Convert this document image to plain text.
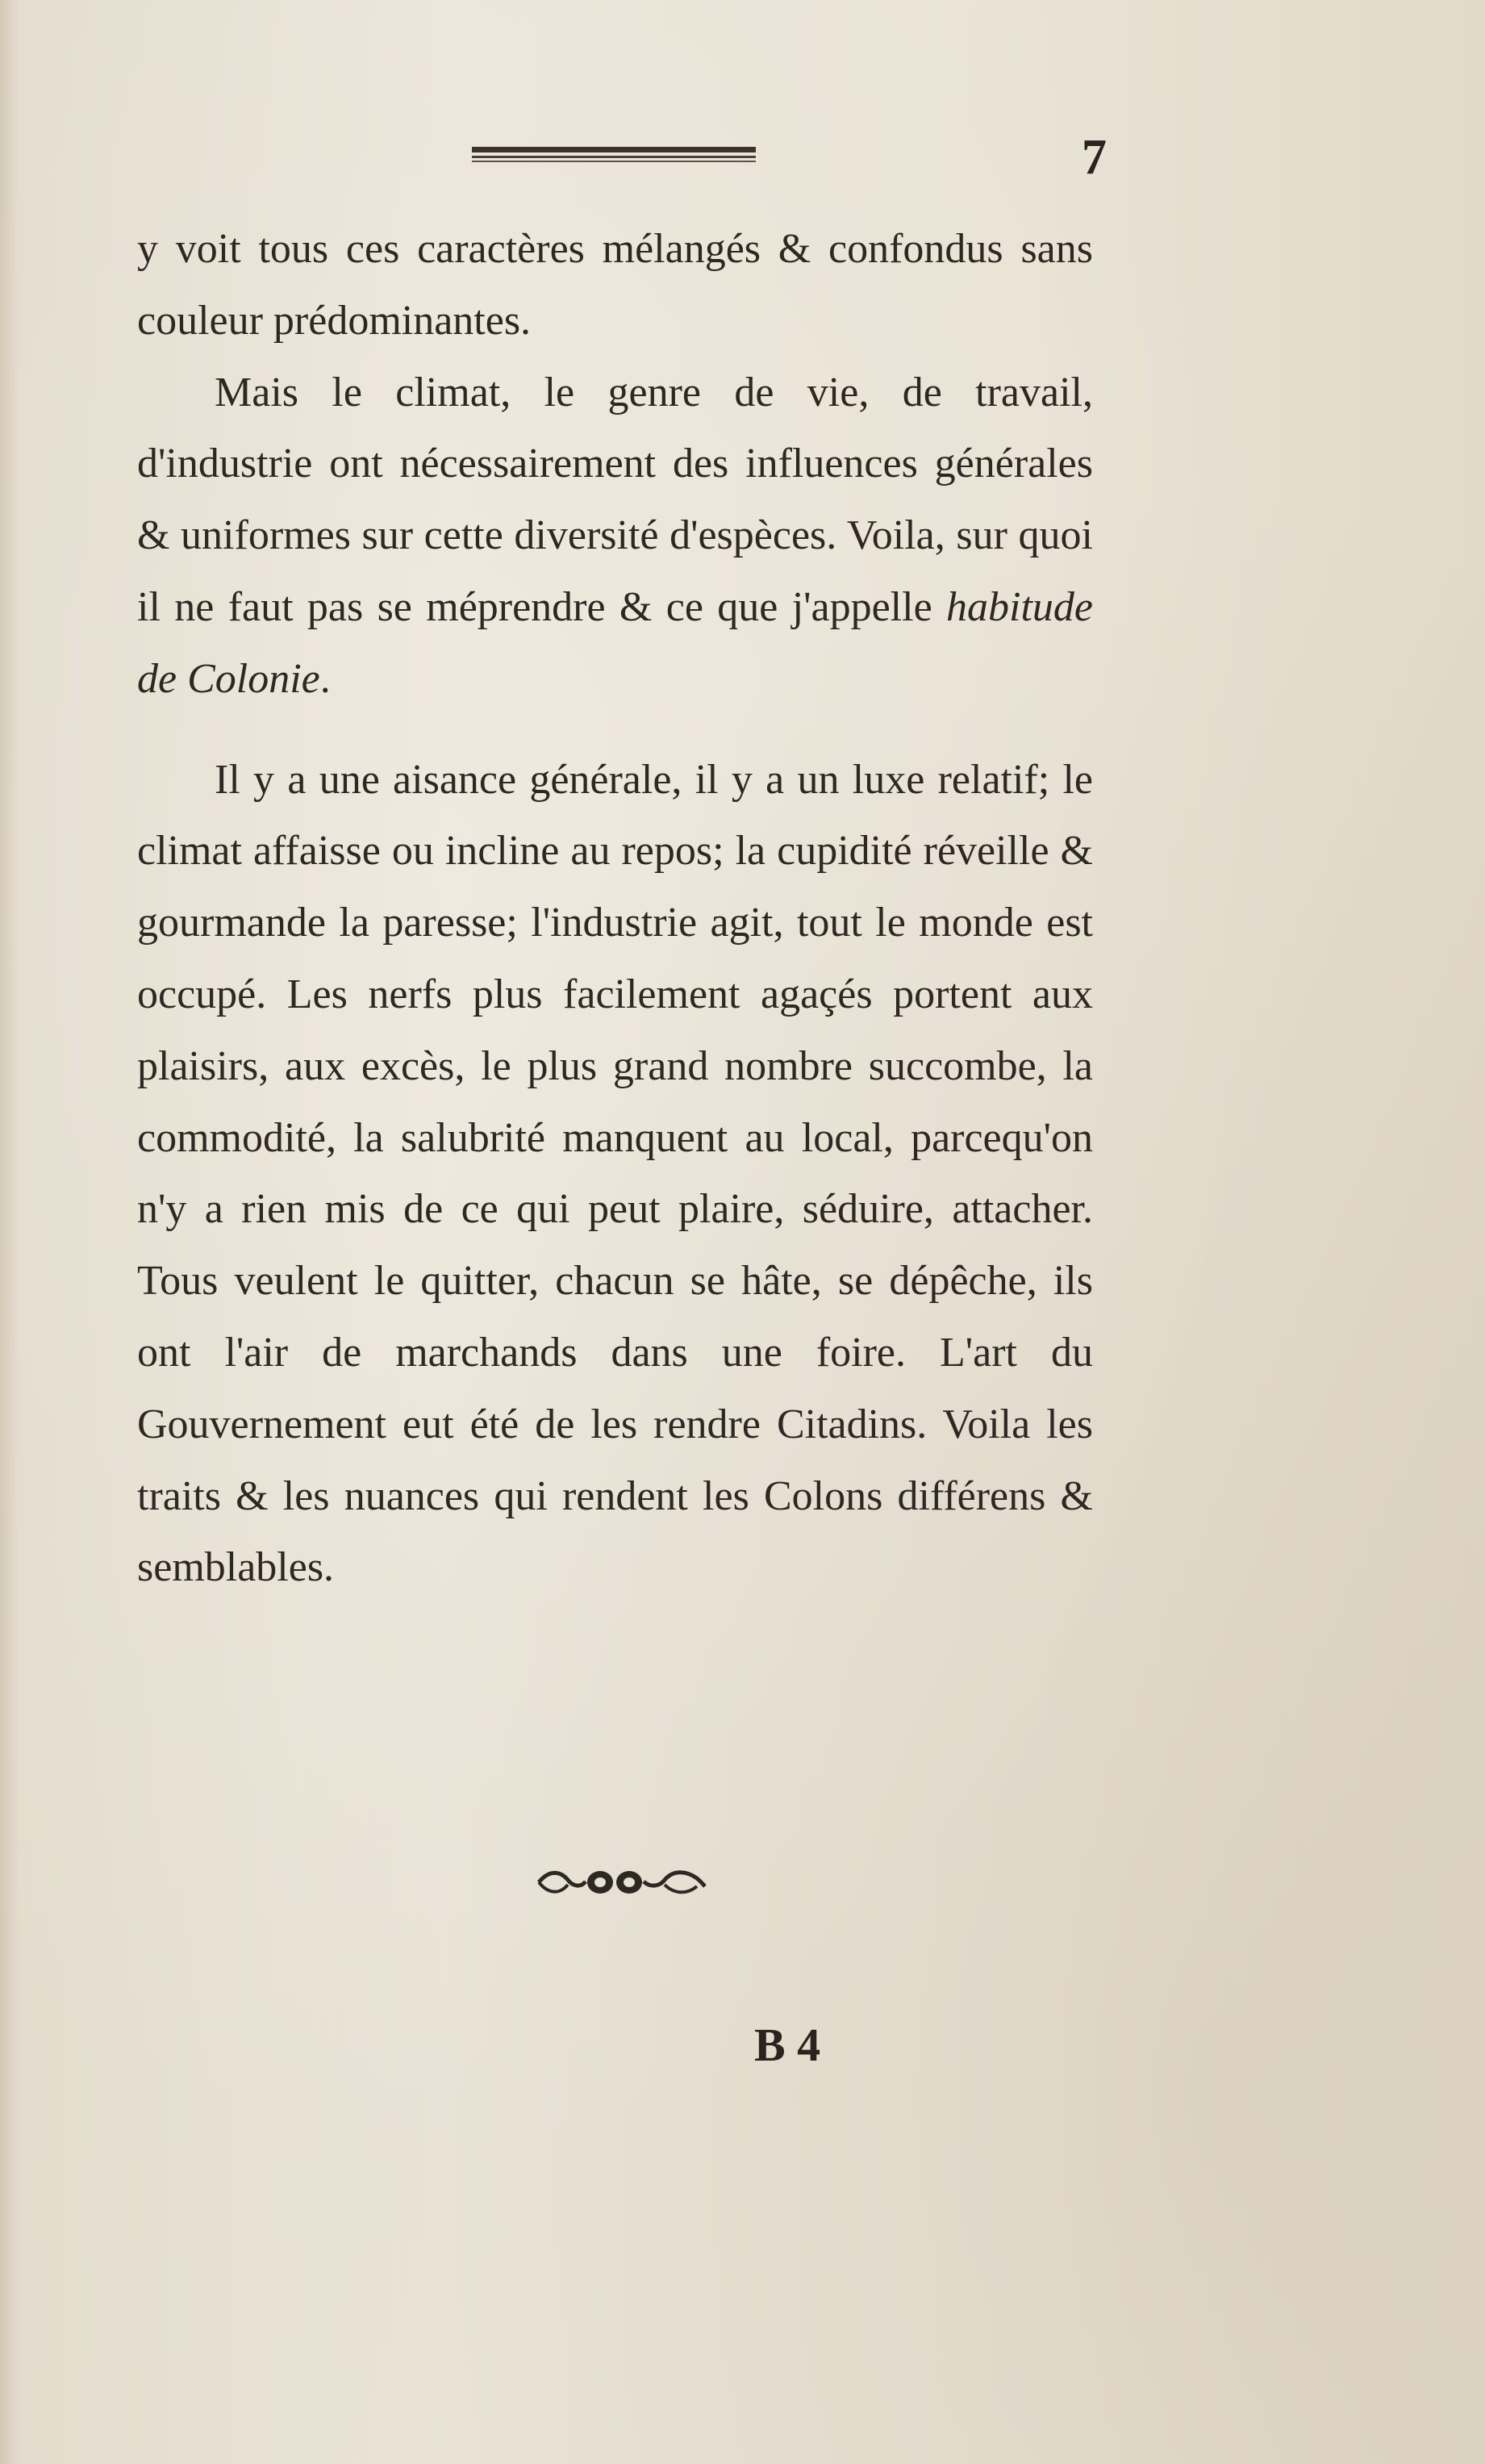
7

y voit tous ces caractères mélangés & confondus sans couleur prédominantes.

Mais le climat, le genre de vie, de travail, d'industrie ont nécessairement des influences générales & uniformes sur cette diversité d'espèces. Voila, sur quoi il ne faut pas se méprendre & ce que j'appelle habitude de Colonie.

Il y a une aisance générale, il y a un luxe relatif; le climat affaisse ou incline au repos; la cupidité réveille & gourmande la paresse; l'industrie agit, tout le monde est occupé. Les nerfs plus facilement agaçés portent aux plaisirs, aux excès, le plus grand nombre succombe, la commodité, la salubrité manquent au local, parcequ'on n'y a rien mis de ce qui peut plaire, séduire, attacher. Tous veulent le quitter, chacun se hâte, se dépêche, ils ont l'air de marchands dans une foire. L'art du Gouvernement eut été de les rendre Citadins. Voila les traits & les nuances qui rendent les Colons différens & semblables.

B 4
